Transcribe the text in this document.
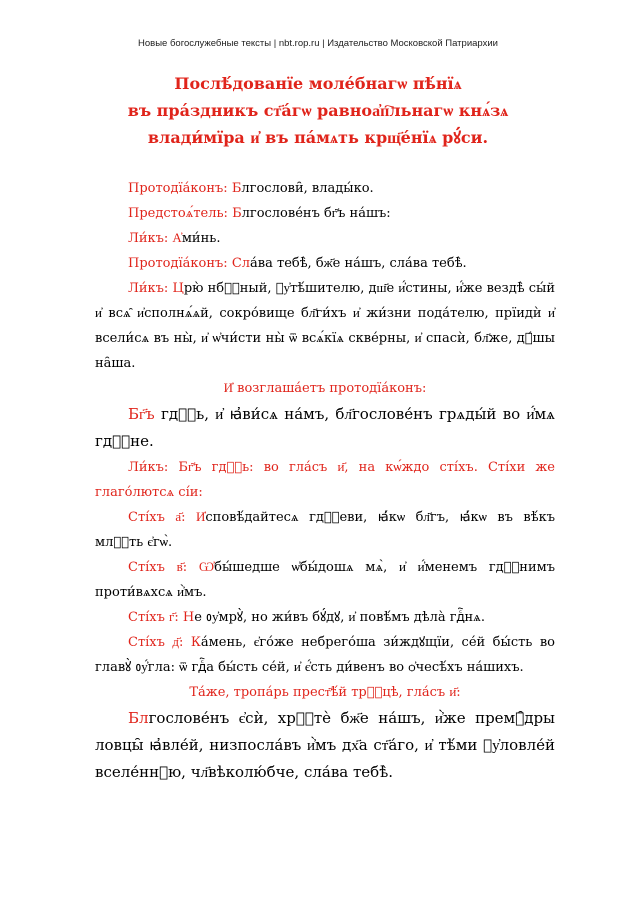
Новые богослужебные тексты | nbt.rop.ru | Издательство Московской Патриархии
Послѣ́дованїе моле́бнагѡ пѣ́нїѧ
въ пра́здникъ ст҃а́гѡ равноа҆п҇льнагѡ кнѧ́зѧ
влади́мїра и҆ въ па́мѧть крщ҃е́нїѧ рꙋ́си.

Протодїа́конъ: Блгослови̑, влады́ко.

Предстоѧ́тель: Блгослове́нъ бг҃ъ на́шъ:

Ли́къ: А҆ми́нь.

Протодїа́конъ: Сла́ва тебѣ̀, бж҃е на́шъ, сла́ва тебѣ̀.

Ли́къ: Црю̀ нбⷭ҇ный, ᲂу҆тѣ́шителю, дш҃е и҆́стины, и҆́же вездѣ̀ сы́й и҆ всѧ̑ и҆сполнѧ́ѧй, сокро́вище бл҃ги́хъ и҆ жи́зни пода́телю, прїидѝ и҆ всели́сѧ въ ны̀, и҆ ѡ҆чи́сти ны̀ ѿ всѧ́кїѧ скве́рны, и҆ спасѝ, бл҃же, дꙋ́шы на̑ша.

И҆ возглаша́етъ протодїа́конъ:

Бг҃ъ гдⷭ҇ь, и҆ ꙗ҆ви́сѧ на́мъ, бл҃гослове́нъ грѧды́й во и҆́мѧ гдⷭ҇не.

Ли́къ: Бг҃ъ гдⷭ҇ь: во гла́съ и҃, на кѡ́ждо сті́хъ. Сті́хи же глаго́лютсѧ сі́и:

Сті́хъ а҃: И҆сповѣ́дайтесѧ гдⷭ҇еви, ꙗ҆́кѡ бл҃гъ, ꙗ҆́кѡ въ вѣ́къ млⷭ҇ть є҆гѡ̀.

Сті́хъ в҃: Ѡ҆бы́шедше ѡ҆бы́дошѧ мѧ̀, и҆ и҆́менемъ гдⷭ҇нимъ проти́вѧхсѧ и҆̀мъ.

Сті́хъ г҃: Не ᲂу҆мрꙋ̀, но жи́въ бꙋ́дꙋ, и҆ повѣ́мъ дѣла̀ гдⷭ҇нѧ.

Сті́хъ д҃: Ка́мень, є҆го́же небрего́ша зи́ждꙋщїи, се́й бы́сть во главꙋ̀ ᲂу҆́гла: ѿ гдⷭ҇а бы́сть се́й, и҆ є҆́сть ди́венъ во ѻ҆чесѣ́хъ на́шихъ.

Та́же, тропа́рь прест҃ѣ́й трⷪ҇цѣ, гла́съ и҃:

Блгослове́нъ є҆сѝ, хрⷭ҇тѐ бж҃е на́шъ, и҆̀же премꙋ̑дры ловцы̑ ꙗ҆вле́й, низпосла́въ и҆̀мъ дх҃а ст҃а́го, и҆ тѣ́ми ᲂу҆ловле́й вселе́ннꙋю, чл҃вѣколю́бче, сла́ва тебѣ̀.
